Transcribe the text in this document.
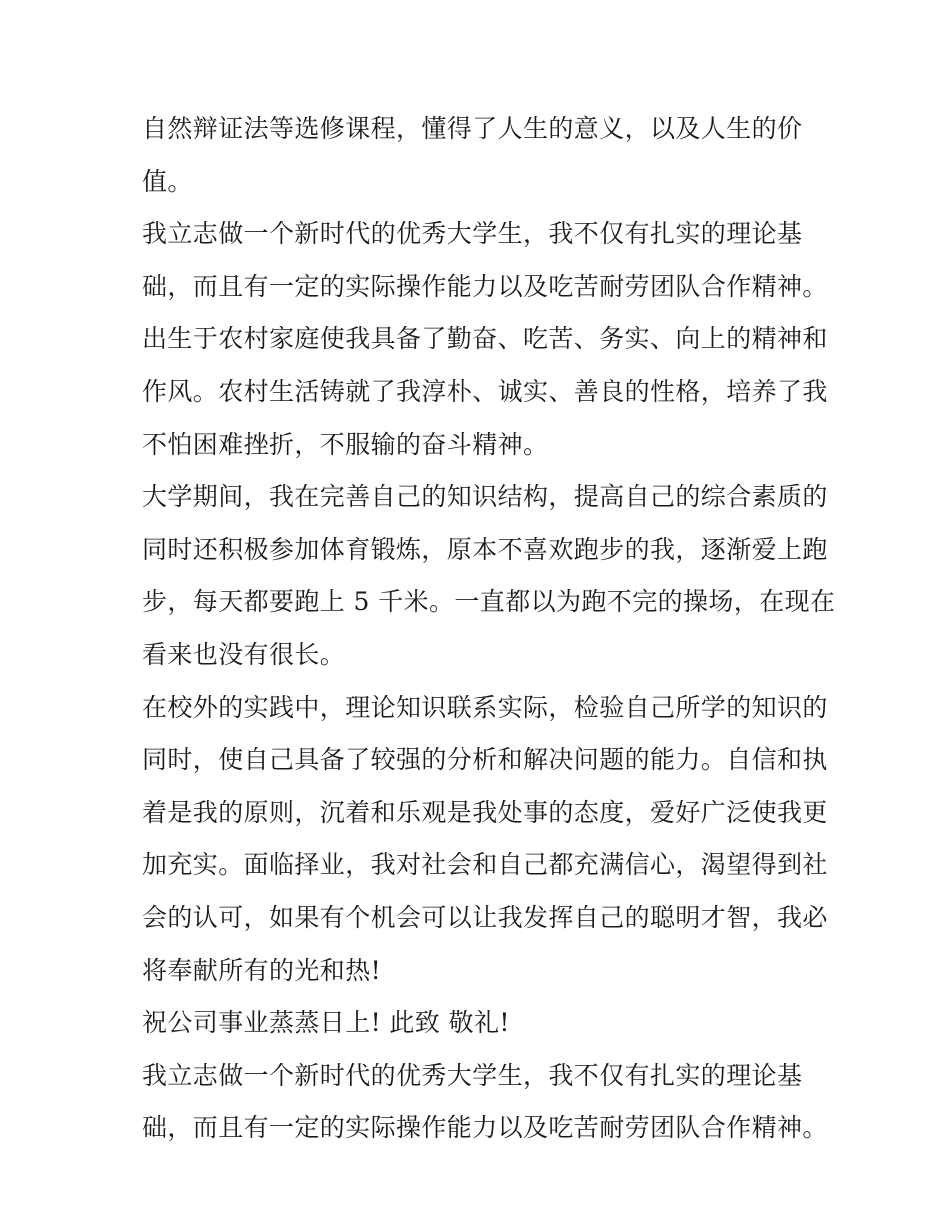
自然辩证法等选修课程，懂得了人生的意义，以及人生的价
值。
我立志做一个新时代的优秀大学生，我不仅有扎实的理论基
础，而且有一定的实际操作能力以及吃苦耐劳团队合作精神。
出生于农村家庭使我具备了勤奋、吃苦、务实、向上的精神和
作风。农村生活铸就了我淳朴、诚实、善良的性格，培养了我
不怕困难挫折，不服输的奋斗精神。
大学期间，我在完善自己的知识结构，提高自己的综合素质的
同时还积极参加体育锻炼，原本不喜欢跑步的我，逐渐爱上跑
步，每天都要跑上 5 千米。一直都以为跑不完的操场，在现在
看来也没有很长。
在校外的实践中，理论知识联系实际，检验自己所学的知识的
同时，使自己具备了较强的分析和解决问题的能力。自信和执
着是我的原则，沉着和乐观是我处事的态度，爱好广泛使我更
加充实。面临择业，我对社会和自己都充满信心，渴望得到社
会的认可，如果有个机会可以让我发挥自己的聪明才智，我必
将奉献所有的光和热!
祝公司事业蒸蒸日上! 此致 敬礼!
我立志做一个新时代的优秀大学生，我不仅有扎实的理论基
础，而且有一定的实际操作能力以及吃苦耐劳团队合作精神。
